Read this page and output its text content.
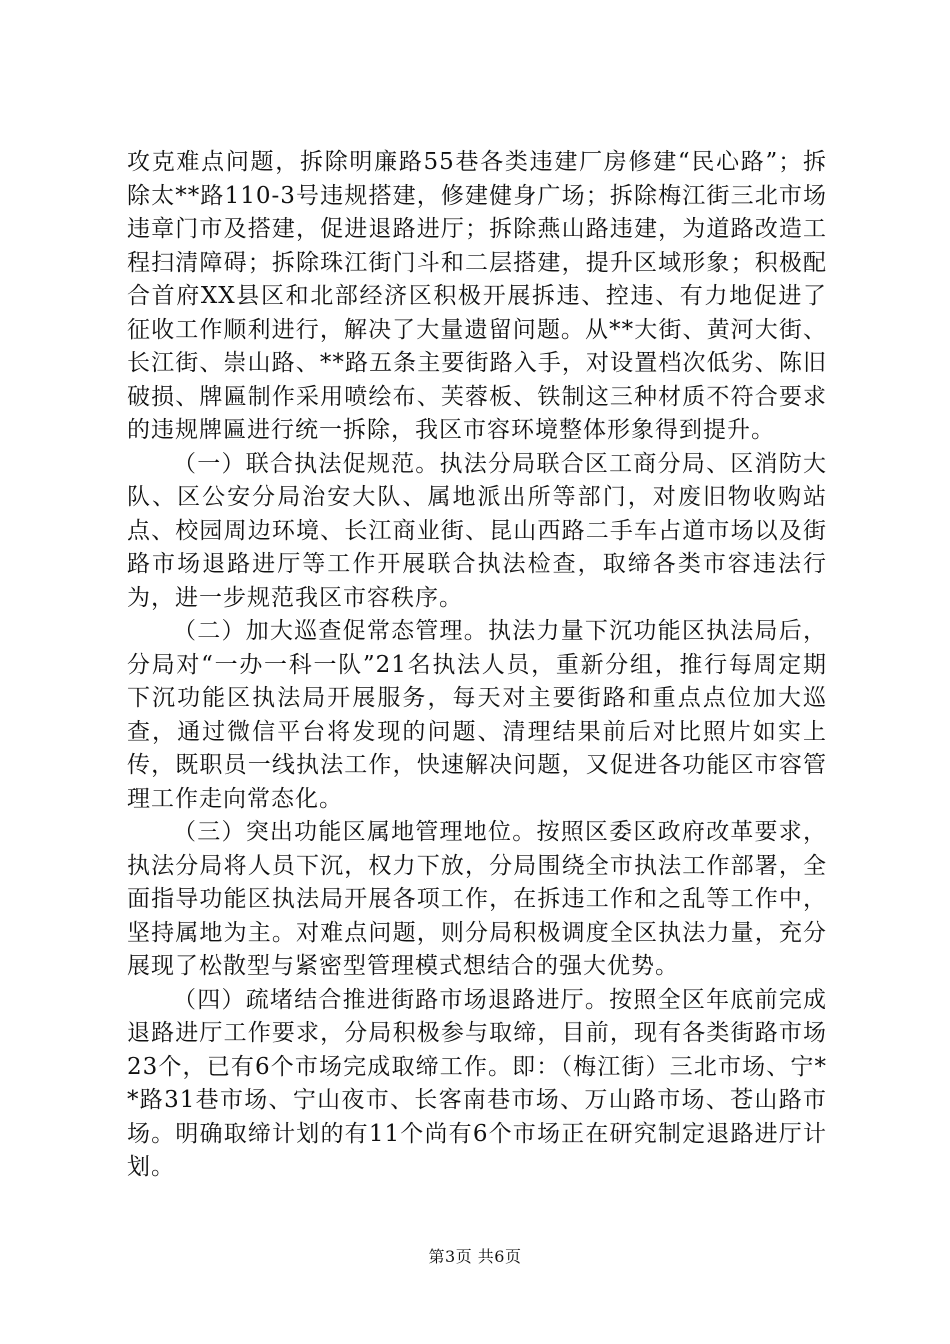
攻克难点问题，拆除明廉路55巷各类违建厂房修建“民心路”；拆除太**路110-3号违规搭建，修建健身广场；拆除梅江街三北市场违章门市及搭建，促进退路进厅；拆除燕山路违建，为道路改造工程扫清障碍；拆除珠江街门斗和二层搭建，提升区域形象；积极配合首府XX县区和北部经济区积极开展拆违、控违、有力地促进了征收工作顺利进行，解决了大量遗留问题。从**大街、黄河大街、长江街、崇山路、**路五条主要街路入手，对设置档次低劣、陈旧破损、牌匾制作采用喷绘布、芙蓉板、铁制这三种材质不符合要求的违规牌匾进行统一拆除，我区市容环境整体形象得到提升。

（一）联合执法促规范。执法分局联合区工商分局、区消防大队、区公安分局治安大队、属地派出所等部门，对废旧物收购站点、校园周边环境、长江商业街、昆山西路二手车占道市场以及街路市场退路进厅等工作开展联合执法检查，取缔各类市容违法行为，进一步规范我区市容秩序。

（二）加大巡查促常态管理。执法力量下沉功能区执法局后，分局对“一办一科一队”21名执法人员，重新分组，推行每周定期下沉功能区执法局开展服务，每天对主要街路和重点点位加大巡查，通过微信平台将发现的问题、清理结果前后对比照片如实上传，既职员一线执法工作，快速解决问题，又促进各功能区市容管理工作走向常态化。

（三）突出功能区属地管理地位。按照区委区政府改革要求，执法分局将人员下沉，权力下放，分局围绕全市执法工作部署，全面指导功能区执法局开展各项工作，在拆违工作和之乱等工作中，坚持属地为主。对难点问题，则分局积极调度全区执法力量，充分展现了松散型与紧密型管理模式想结合的强大优势。

（四）疏堵结合推进街路市场退路进厅。按照全区年底前完成退路进厅工作要求，分局积极参与取缔，目前，现有各类街路市场23个，已有6个市场完成取缔工作。即：（梅江街）三北市场、宁**路31巷市场、宁山夜市、长客南巷市场、万山路市场、苍山路市场。明确取缔计划的有11个尚有6个市场正在研究制定退路进厅计划。

第3页 共6页
